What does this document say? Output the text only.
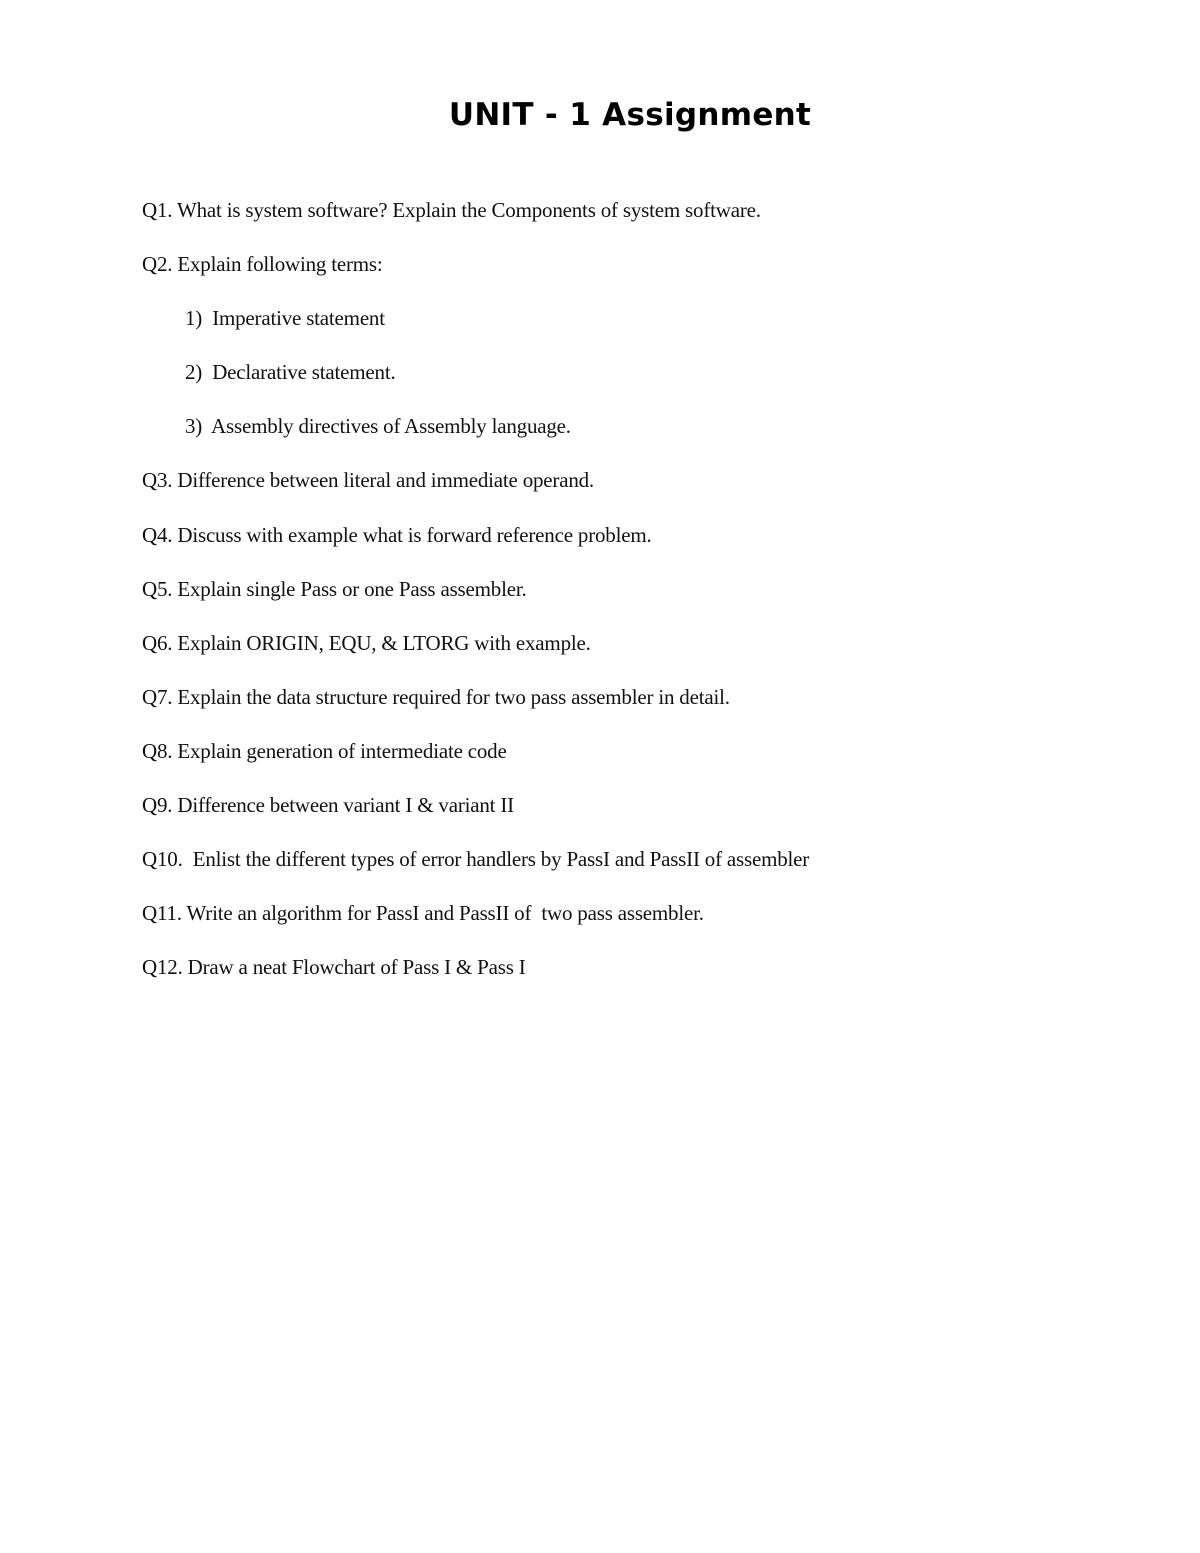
UNIT - 1 Assignment
Q1. What is system software? Explain the Components of system software.
Q2. Explain following terms:
1)  Imperative statement
2)  Declarative statement.
3)  Assembly directives of Assembly language.
Q3. Difference between literal and immediate operand.
Q4. Discuss with example what is forward reference problem.
Q5. Explain single Pass or one Pass assembler.
Q6. Explain ORIGIN, EQU, & LTORG with example.
Q7. Explain the data structure required for two pass assembler in detail.
Q8. Explain generation of intermediate code
Q9. Difference between variant I & variant II
Q10.  Enlist the different types of error handlers by PassI and PassII of assembler
Q11. Write an algorithm for PassI and PassII of  two pass assembler.
Q12. Draw a neat Flowchart of Pass I & Pass I
